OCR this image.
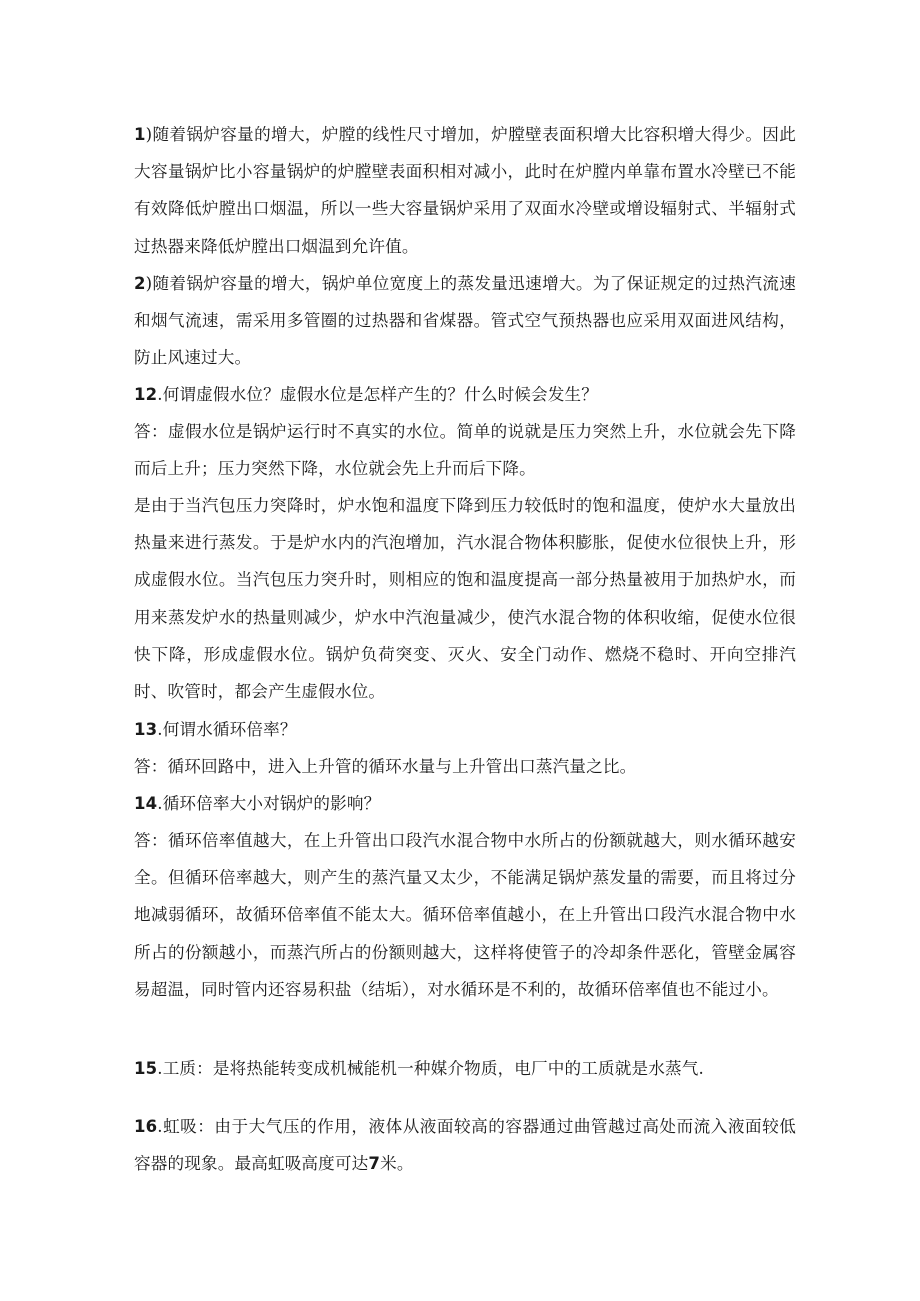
1)随着锅炉容量的增大，炉膛的线性尺寸增加，炉膛壁表面积增大比容积增大得少。因此大容量锅炉比小容量锅炉的炉膛壁表面积相对减小，此时在炉膛内单靠布置水冷壁已不能有效降低炉膛出口烟温，所以一些大容量锅炉采用了双面水冷壁或增设辐射式、半辐射式过热器来降低炉膛出口烟温到允许值。

2)随着锅炉容量的增大，锅炉单位宽度上的蒸发量迅速增大。为了保证规定的过热汽流速和烟气流速，需采用多管圈的过热器和省煤器。管式空气预热器也应采用双面进风结构，防止风速过大。

12.何谓虚假水位？虚假水位是怎样产生的？什么时候会发生？

答：虚假水位是锅炉运行时不真实的水位。简单的说就是压力突然上升，水位就会先下降而后上升；压力突然下降，水位就会先上升而后下降。

是由于当汽包压力突降时，炉水饱和温度下降到压力较低时的饱和温度，使炉水大量放出热量来进行蒸发。于是炉水内的汽泡增加，汽水混合物体积膨胀，促使水位很快上升，形成虚假水位。当汽包压力突升时，则相应的饱和温度提高一部分热量被用于加热炉水，而用来蒸发炉水的热量则减少，炉水中汽泡量减少，使汽水混合物的体积收缩，促使水位很快下降，形成虚假水位。锅炉负荷突变、灭火、安全门动作、燃烧不稳时、开向空排汽时、吹管时，都会产生虚假水位。

13.何谓水循环倍率？

答：循环回路中，进入上升管的循环水量与上升管出口蒸汽量之比。

14.循环倍率大小对锅炉的影响？

答：循环倍率值越大，在上升管出口段汽水混合物中水所占的份额就越大，则水循环越安全。但循环倍率越大，则产生的蒸汽量又太少，不能满足锅炉蒸发量的需要，而且将过分地减弱循环，故循环倍率值不能太大。循环倍率值越小，在上升管出口段汽水混合物中水所占的份额越小，而蒸汽所占的份额则越大，这样将使管子的冷却条件恶化，管壁金属容易超温，同时管内还容易积盐（结垢），对水循环是不利的，故循环倍率值也不能过小。

15.工质：是将热能转变成机械能机一种媒介物质，电厂中的工质就是水蒸气.

16.虹吸：由于大气压的作用，液体从液面较高的容器通过曲管越过高处而流入液面较低容器的现象。最高虹吸高度可达7米。
